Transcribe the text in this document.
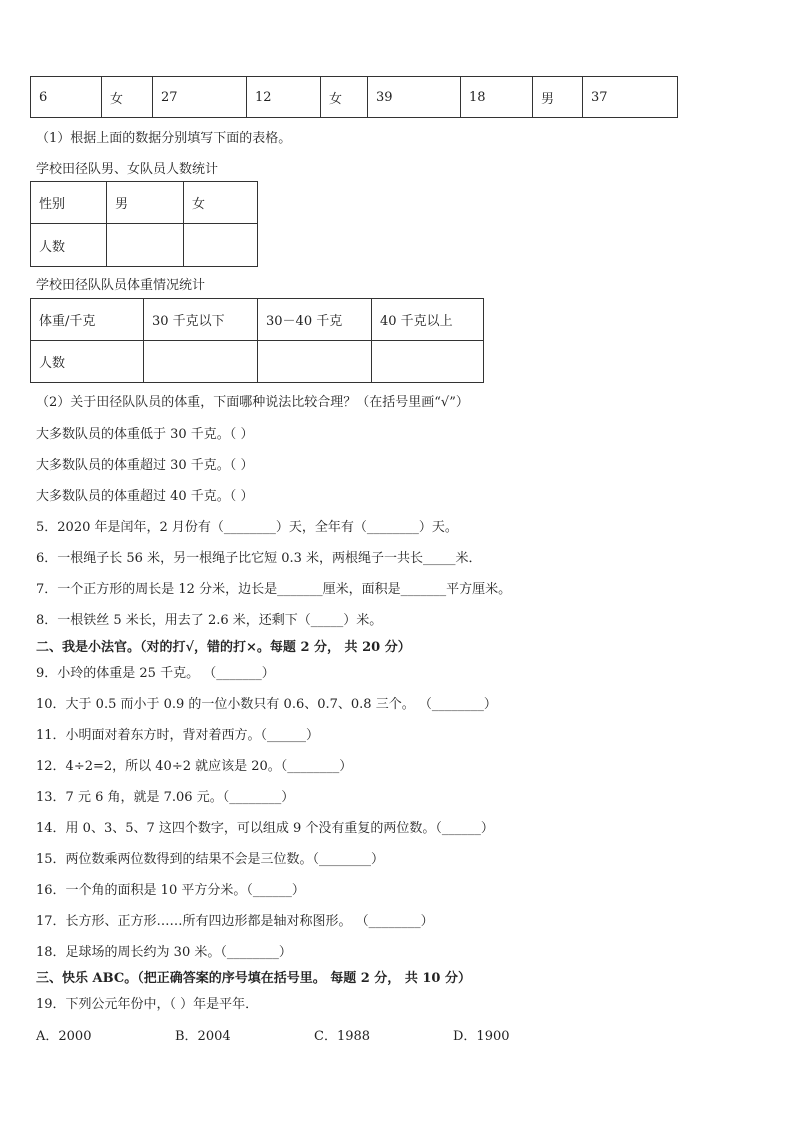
6	女	27	12	女	39	18	男	37
（1）根据上面的数据分别填写下面的表格。
学校田径队男、女队员人数统计
性别	男	女
人数		
学校田径队队员体重情况统计
体重/千克	30 千克以下	30－40 千克	40 千克以上
人数			
（2）关于田径队队员的体重，下面哪种说法比较合理？（在括号里画“√”）
大多数队员的体重低于 30 千克。（ ）
大多数队员的体重超过 30 千克。（ ）
大多数队员的体重超过 40 千克。（ ）
5．2020 年是闰年，2 月份有（________）天，全年有（________）天。
6．一根绳子长 56 米，另一根绳子比它短 0.3 米，两根绳子一共长_____米．
7．一个正方形的周长是 12 分米，边长是_______厘米，面积是_______平方厘米。
8．一根铁丝 5 米长，用去了 2.6 米，还剩下（_____）米。
二、我是小法官。（对的打√，错的打×。每题 2 分， 共 20 分）
9．小玲的体重是 25 千克。 （_______）
10．大于 0.5 而小于 0.9 的一位小数只有 0.6、0.7、0.8 三个。 （________）
11．小明面对着东方时，背对着西方。（______）
12．4÷2=2，所以 40÷2 就应该是 20。（________）
13．7 元 6 角，就是 7.06 元。（________）
14．用 0、3、5、7 这四个数字，可以组成 9 个没有重复的两位数。（______）
15．两位数乘两位数得到的结果不会是三位数。（________）
16．一个角的面积是 10 平方分米。（______）
17．长方形、正方形……所有四边形都是轴对称图形。 （________）
18．足球场的周长约为 30 米。（________）
三、快乐 ABC。（把正确答案的序号填在括号里。 每题 2 分， 共 10 分）
19．下列公元年份中，（ ）年是平年．
A．2000	B．2004	C．1988	D．1900
